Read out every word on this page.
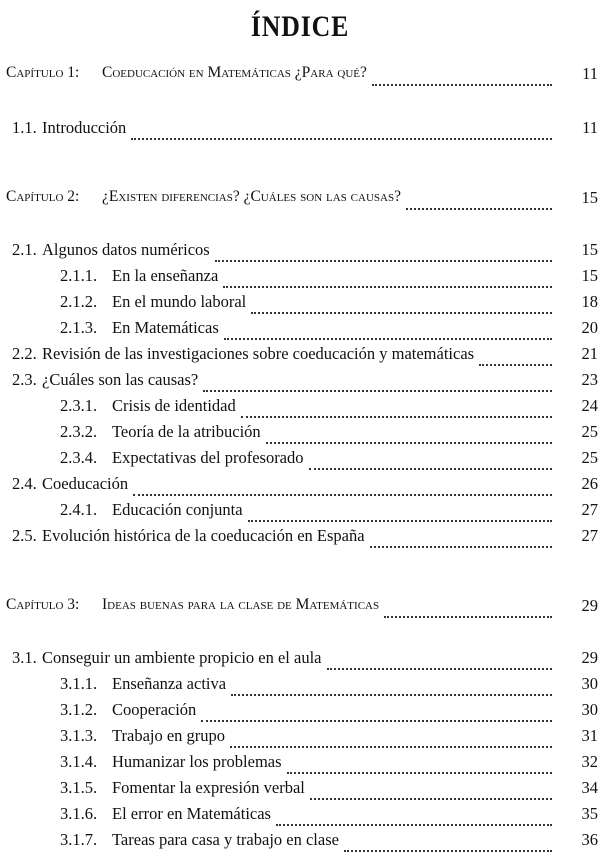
ÍNDICE
Capítulo 1: Coeducación en Matemáticas ¿Para qué?	11
1.1. Introducción	11
Capítulo 2: ¿Existen diferencias? ¿Cuáles son las causas?	15
2.1. Algunos datos numéricos	15
2.1.1. En la enseñanza	15
2.1.2. En el mundo laboral	18
2.1.3. En Matemáticas	20
2.2. Revisión de las investigaciones sobre coeducación y matemáticas	21
2.3. ¿Cuáles son las causas?	23
2.3.1. Crisis de identidad	24
2.3.2. Teoría de la atribución	25
2.3.4. Expectativas del profesorado	25
2.4. Coeducación	26
2.4.1. Educación conjunta	27
2.5. Evolución histórica de la coeducación en España	27
Capítulo 3: Ideas buenas para la clase de Matemáticas	29
3.1. Conseguir un ambiente propicio en el aula	29
3.1.1. Enseñanza activa	30
3.1.2. Cooperación	30
3.1.3. Trabajo en grupo	31
3.1.4. Humanizar los problemas	32
3.1.5. Fomentar la expresión verbal	34
3.1.6. El error en Matemáticas	35
3.1.7. Tareas para casa y trabajo en clase	36
